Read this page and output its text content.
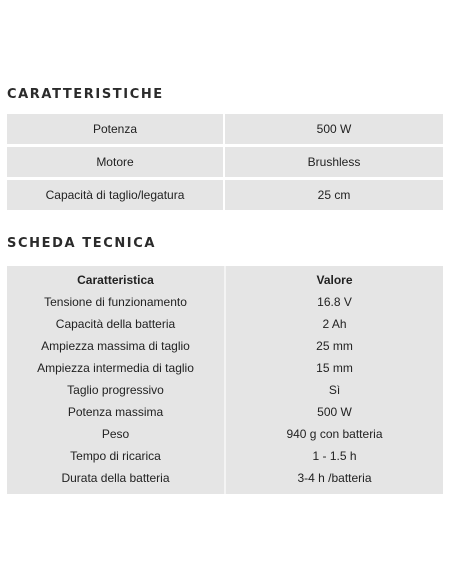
CARATTERISTICHE
Potenza	500 W
Motore	Brushless
Capacità di taglio/legatura	25 cm
SCHEDA TECNICA
Caratteristica	Valore
Tensione di funzionamento	16.8 V
Capacità della batteria	2 Ah
Ampiezza massima di taglio	25 mm
Ampiezza intermedia di taglio	15 mm
Taglio progressivo	Sì
Potenza massima	500 W
Peso	940 g con batteria
Tempo di ricarica	1 - 1.5 h
Durata della batteria	3-4 h /batteria
